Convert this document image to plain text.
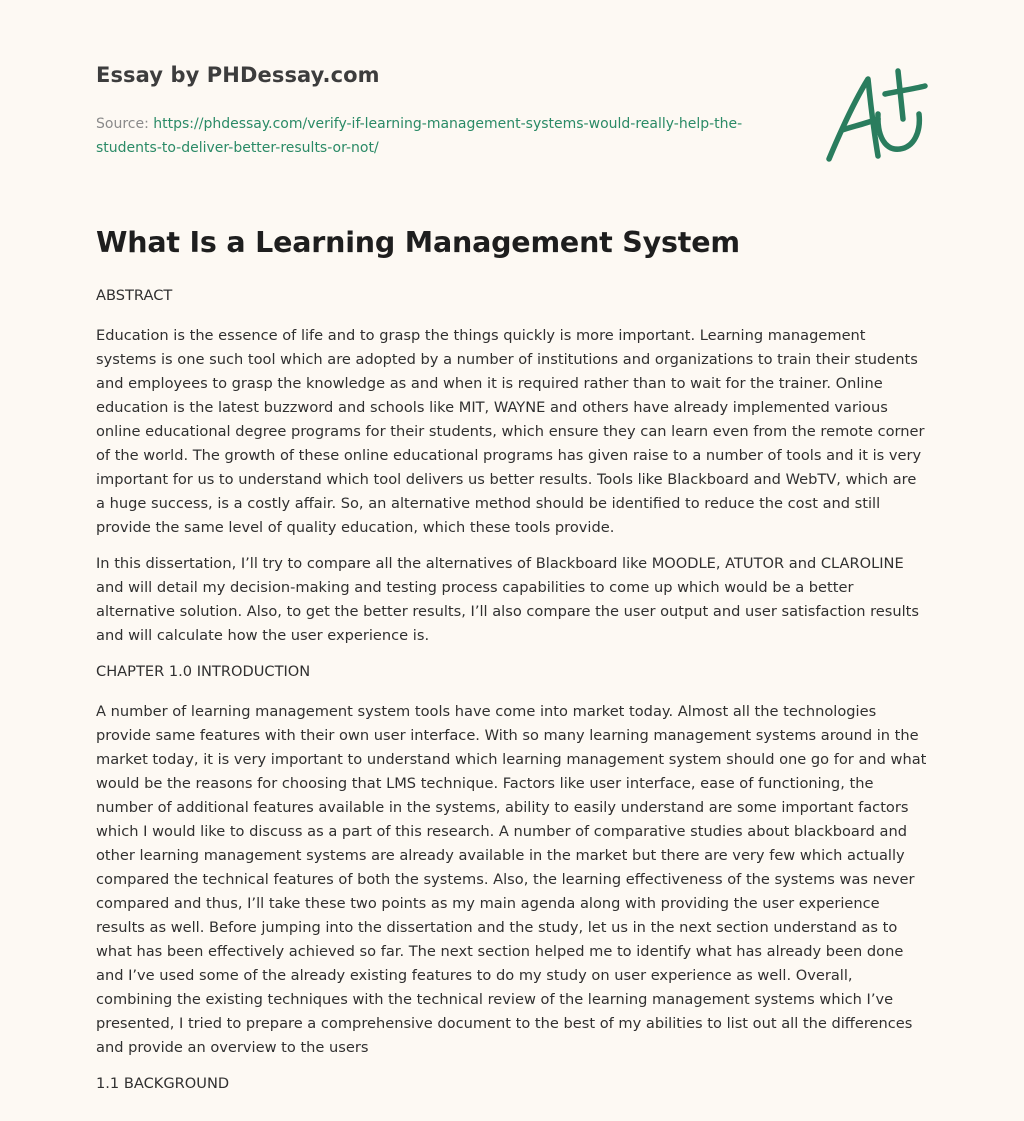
Essay by PHDessay.com

Source: https://phdessay.com/verify-if-learning-management-systems-would-really-help-the-students-to-deliver-better-results-or-not/

What Is a Learning Management System

ABSTRACT

Education is the essence of life and to grasp the things quickly is more important. Learning management systems is one such tool which are adopted by a number of institutions and organizations to train their students and employees to grasp the knowledge as and when it is required rather than to wait for the trainer. Online education is the latest buzzword and schools like MIT, WAYNE and others have already implemented various online educational degree programs for their students, which ensure they can learn even from the remote corner of the world. The growth of these online educational programs has given raise to a number of tools and it is very important for us to understand which tool delivers us better results. Tools like Blackboard and WebTV, which are a huge success, is a costly affair. So, an alternative method should be identified to reduce the cost and still provide the same level of quality education, which these tools provide.

In this dissertation, I’ll try to compare all the alternatives of Blackboard like MOODLE, ATUTOR and CLAROLINE and will detail my decision-making and testing process capabilities to come up which would be a better alternative solution. Also, to get the better results, I’ll also compare the user output and user satisfaction results and will calculate how the user experience is.

CHAPTER 1.0 INTRODUCTION

A number of learning management system tools have come into market today. Almost all the technologies provide same features with their own user interface. With so many learning management systems around in the market today, it is very important to understand which learning management system should one go for and what would be the reasons for choosing that LMS technique. Factors like user interface, ease of functioning, the number of additional features available in the systems, ability to easily understand are some important factors which I would like to discuss as a part of this research. A number of comparative studies about blackboard and other learning management systems are already available in the market but there are very few which actually compared the technical features of both the systems. Also, the learning effectiveness of the systems was never compared and thus, I’ll take these two points as my main agenda along with providing the user experience results as well. Before jumping into the dissertation and the study, let us in the next section understand as to what has been effectively achieved so far. The next section helped me to identify what has already been done and I’ve used some of the already existing features to do my study on user experience as well. Overall, combining the existing techniques with the technical review of the learning management systems which I’ve presented, I tried to prepare a comprehensive document to the best of my abilities to list out all the differences and provide an overview to the users

1.1 BACKGROUND
